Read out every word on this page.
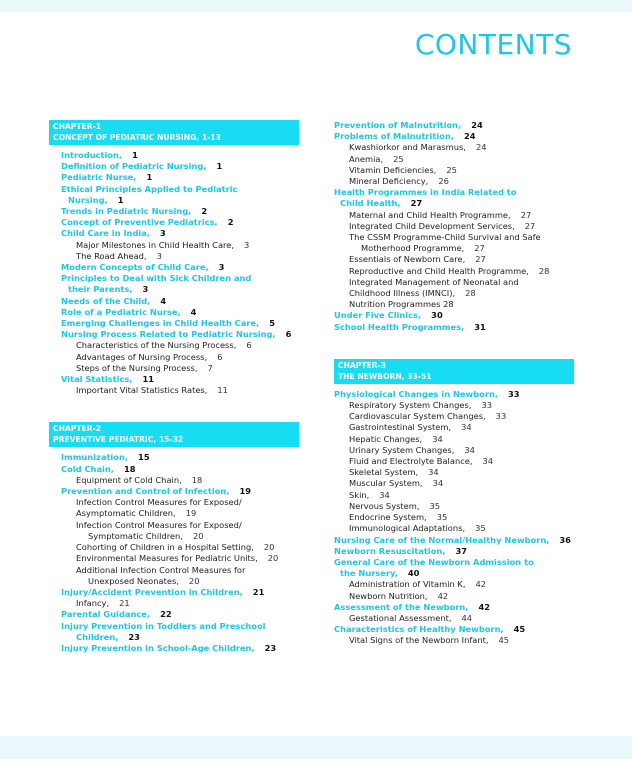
CONTENTS
CHAPTER-1
CONCEPT OF PEDIATRIC NURSING, 1-13
Introduction, 1
Definition of Pediatric Nursing, 1
Pediatric Nurse, 1
Ethical Principles Applied to Pediatric
Nursing, 1
Trends in Pediatric Nursing, 2
Concept of Preventive Pediatrics, 2
Child Care in India, 3
Major Milestones in Child Health Care, 3
The Road Ahead, 3
Modern Concepts of Child Care, 3
Principles to Deal with Sick Children and
their Parents, 3
Needs of the Child, 4
Role of a Pediatric Nurse, 4
Emerging Challenges in Child Health Care, 5
Nursing Process Related to Pediatric Nursing, 6
Characteristics of the Nursing Process, 6
Advantages of Nursing Process, 6
Steps of the Nursing Process, 7
Vital Statistics, 11
Important Vital Statistics Rates, 11
CHAPTER-2
PREVENTIVE PEDIATRIC, 15-32
Immunization, 15
Cold Chain, 18
Equipment of Cold Chain, 18
Prevention and Control of Infection, 19
Infection Control Measures for Exposed/
Asymptomatic Children, 19
Infection Control Measures for Exposed/
Symptomatic Children, 20
Cohorting of Children in a Hospital Setting, 20
Environmental Measures for Pediatric Units, 20
Additional Infection Control Measures for
Unexposed Neonates, 20
Injury/Accident Prevention in Children, 21
Infancy, 21
Parental Guidance, 22
Injury Prevention in Toddlers and Preschool
Children, 23
Injury Prevention in School-Age Children, 23
Prevention of Malnutrition, 24
Problems of Malnutrition, 24
Kwashiorkor and Marasmus, 24
Anemia, 25
Vitamin Deficiencies, 25
Mineral Deficiency, 26
Health Programmes in India Related to
Child Health, 27
Maternal and Child Health Programme, 27
Integrated Child Development Services, 27
The CSSM Programme-Child Survival and Safe
Motherhood Programme, 27
Essentials of Newborn Care, 27
Reproductive and Child Health Programme, 28
Integrated Management of Neonatal and
Childhood Illness (IMNCI), 28
Nutrition Programmes 28
Under Five Clinics, 30
School Health Programmes, 31
CHAPTER-3
THE NEWBORN, 33-51
Physiological Changes in Newborn, 33
Respiratory System Changes, 33
Cardiovascular System Changes, 33
Gastrointestinal System, 34
Hepatic Changes, 34
Urinary System Changes, 34
Fluid and Electrolyte Balance, 34
Skeletal System, 34
Muscular System, 34
Skin, 34
Nervous System, 35
Endocrine System, 35
Immunological Adaptations, 35
Nursing Care of the Normal/Healthy Newborn, 36
Newborn Resuscitation, 37
General Care of the Newborn Admission to
the Nursery, 40
Administration of Vitamin K, 42
Newborn Nutrition, 42
Assessment of the Newborn, 42
Gestational Assessment, 44
Characteristics of Healthy Newborn, 45
Vital Signs of the Newborn Infant, 45
